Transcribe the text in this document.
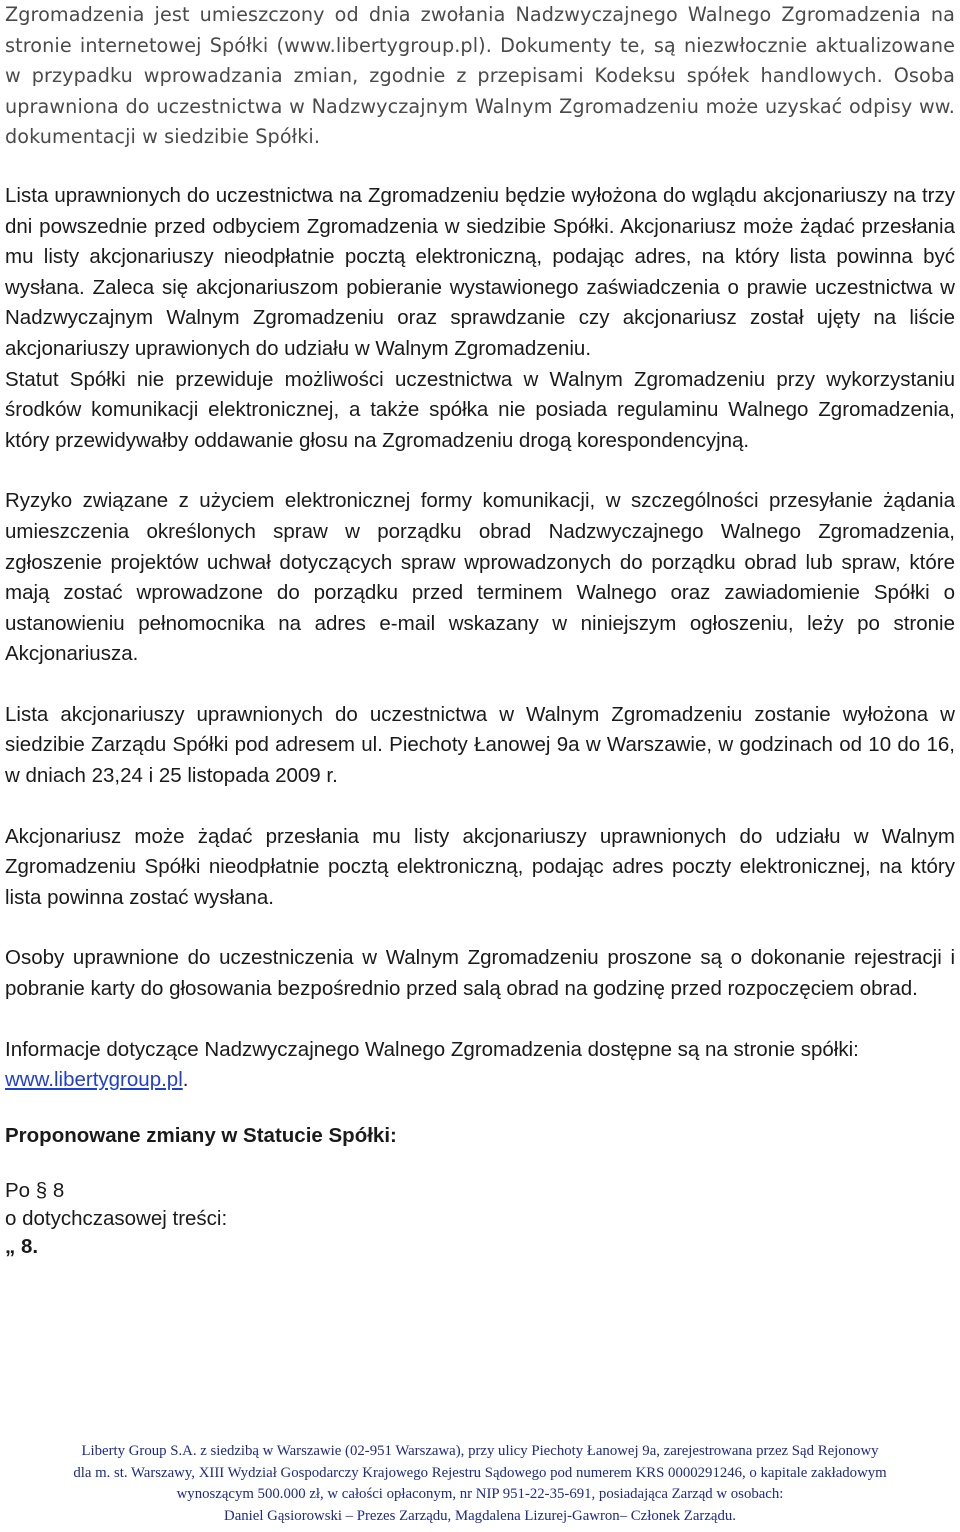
Zgromadzenia jest umieszczony od dnia zwołania Nadzwyczajnego Walnego Zgromadzenia na stronie internetowej Spółki (www.libertygroup.pl). Dokumenty te, są niezwłocznie aktualizowane w przypadku wprowadzania zmian, zgodnie z przepisami Kodeksu spółek handlowych. Osoba uprawniona do uczestnictwa w Nadzwyczajnym Walnym Zgromadzeniu może uzyskać odpisy ww. dokumentacji w siedzibie Spółki.

Lista uprawnionych do uczestnictwa na Zgromadzeniu będzie wyłożona do wglądu akcjonariuszy na trzy dni powszednie przed odbyciem Zgromadzenia w siedzibie Spółki. Akcjonariusz może żądać przesłania mu listy akcjonariuszy nieodpłatnie pocztą elektroniczną, podając adres, na który lista powinna być wysłana. Zaleca się akcjonariuszom pobieranie wystawionego zaświadczenia o prawie uczestnictwa w Nadzwyczajnym Walnym Zgromadzeniu oraz sprawdzanie czy akcjonariusz został ujęty na liście akcjonariuszy uprawionych do udziału w Walnym Zgromadzeniu.

Statut Spółki nie przewiduje możliwości uczestnictwa w Walnym Zgromadzeniu przy wykorzystaniu środków komunikacji elektronicznej, a także spółka nie posiada regulaminu Walnego Zgromadzenia, który przewidywałby oddawanie głosu na Zgromadzeniu drogą korespondencyjną.

Ryzyko związane z użyciem elektronicznej formy komunikacji, w szczególności przesyłanie żądania umieszczenia określonych spraw w porządku obrad Nadzwyczajnego Walnego Zgromadzenia, zgłoszenie projektów uchwał dotyczących spraw wprowadzonych do porządku obrad lub spraw, które mają zostać wprowadzone do porządku przed terminem Walnego oraz zawiadomienie Spółki o ustanowieniu pełnomocnika na adres e-mail wskazany w niniejszym ogłoszeniu, leży po stronie Akcjonariusza.

Lista akcjonariuszy uprawnionych do uczestnictwa w Walnym Zgromadzeniu zostanie wyłożona w siedzibie Zarządu Spółki pod adresem ul. Piechoty Łanowej 9a w Warszawie, w godzinach od 10 do 16, w dniach 23,24 i 25 listopada 2009 r.

Akcjonariusz może żądać przesłania mu listy akcjonariuszy uprawnionych do udziału w Walnym Zgromadzeniu Spółki nieodpłatnie pocztą elektroniczną, podając adres poczty elektronicznej, na który lista powinna zostać wysłana.

Osoby uprawnione do uczestniczenia w Walnym Zgromadzeniu proszone są o dokonanie rejestracji i pobranie karty do głosowania bezpośrednio przed salą obrad na godzinę przed rozpoczęciem obrad.

Informacje dotyczące Nadzwyczajnego Walnego Zgromadzenia dostępne są na stronie spółki:
www.libertygroup.pl.

Proponowane zmiany w Statucie Spółki:

Po § 8

o dotychczasowej treści:

„ 8.

Liberty Group S.A. z siedzibą w Warszawie (02-951 Warszawa), przy ulicy Piechoty Łanowej 9a, zarejestrowana przez Sąd Rejonowy
dla m. st. Warszawy, XIII Wydział Gospodarczy Krajowego Rejestru Sądowego pod numerem KRS 0000291246, o kapitale zakładowym
wynoszącym 500.000 zł, w całości opłaconym, nr NIP 951-22-35-691, posiadająca Zarząd w osobach:
Daniel Gąsiorowski – Prezes Zarządu, Magdalena Lizurej-Gawron– Członek Zarządu.
